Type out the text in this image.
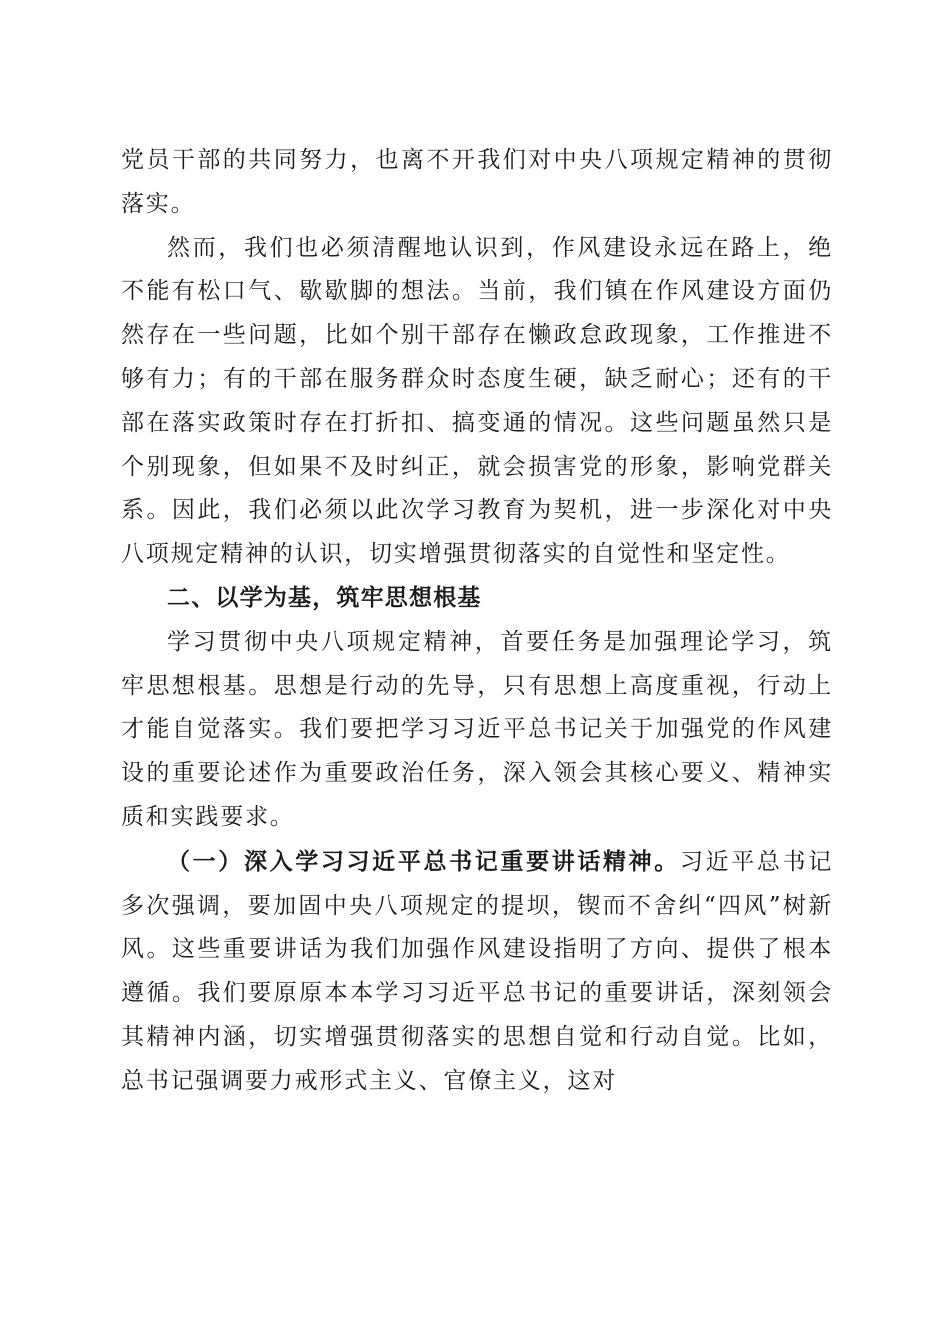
党员干部的共同努力，也离不开我们对中央八项规定精神的贯彻落实。

然而，我们也必须清醒地认识到，作风建设永远在路上，绝不能有松口气、歇歇脚的想法。当前，我们镇在作风建设方面仍然存在一些问题，比如个别干部存在懒政怠政现象，工作推进不够有力；有的干部在服务群众时态度生硬，缺乏耐心；还有的干部在落实政策时存在打折扣、搞变通的情况。这些问题虽然只是个别现象，但如果不及时纠正，就会损害党的形象，影响党群关系。因此，我们必须以此次学习教育为契机，进一步深化对中央八项规定精神的认识，切实增强贯彻落实的自觉性和坚定性。

二、以学为基，筑牢思想根基

学习贯彻中央八项规定精神，首要任务是加强理论学习，筑牢思想根基。思想是行动的先导，只有思想上高度重视，行动上才能自觉落实。我们要把学习习近平总书记关于加强党的作风建设的重要论述作为重要政治任务，深入领会其核心要义、精神实质和实践要求。

（一）深入学习习近平总书记重要讲话精神。习近平总书记多次强调，要加固中央八项规定的提坝，锲而不舍纠“四风”树新风。这些重要讲话为我们加强作风建设指明了方向、提供了根本遵循。我们要原原本本学习习近平总书记的重要讲话，深刻领会其精神内涵，切实增强贯彻落实的思想自觉和行动自觉。比如，总书记强调要力戒形式主义、官僚主义，这对
